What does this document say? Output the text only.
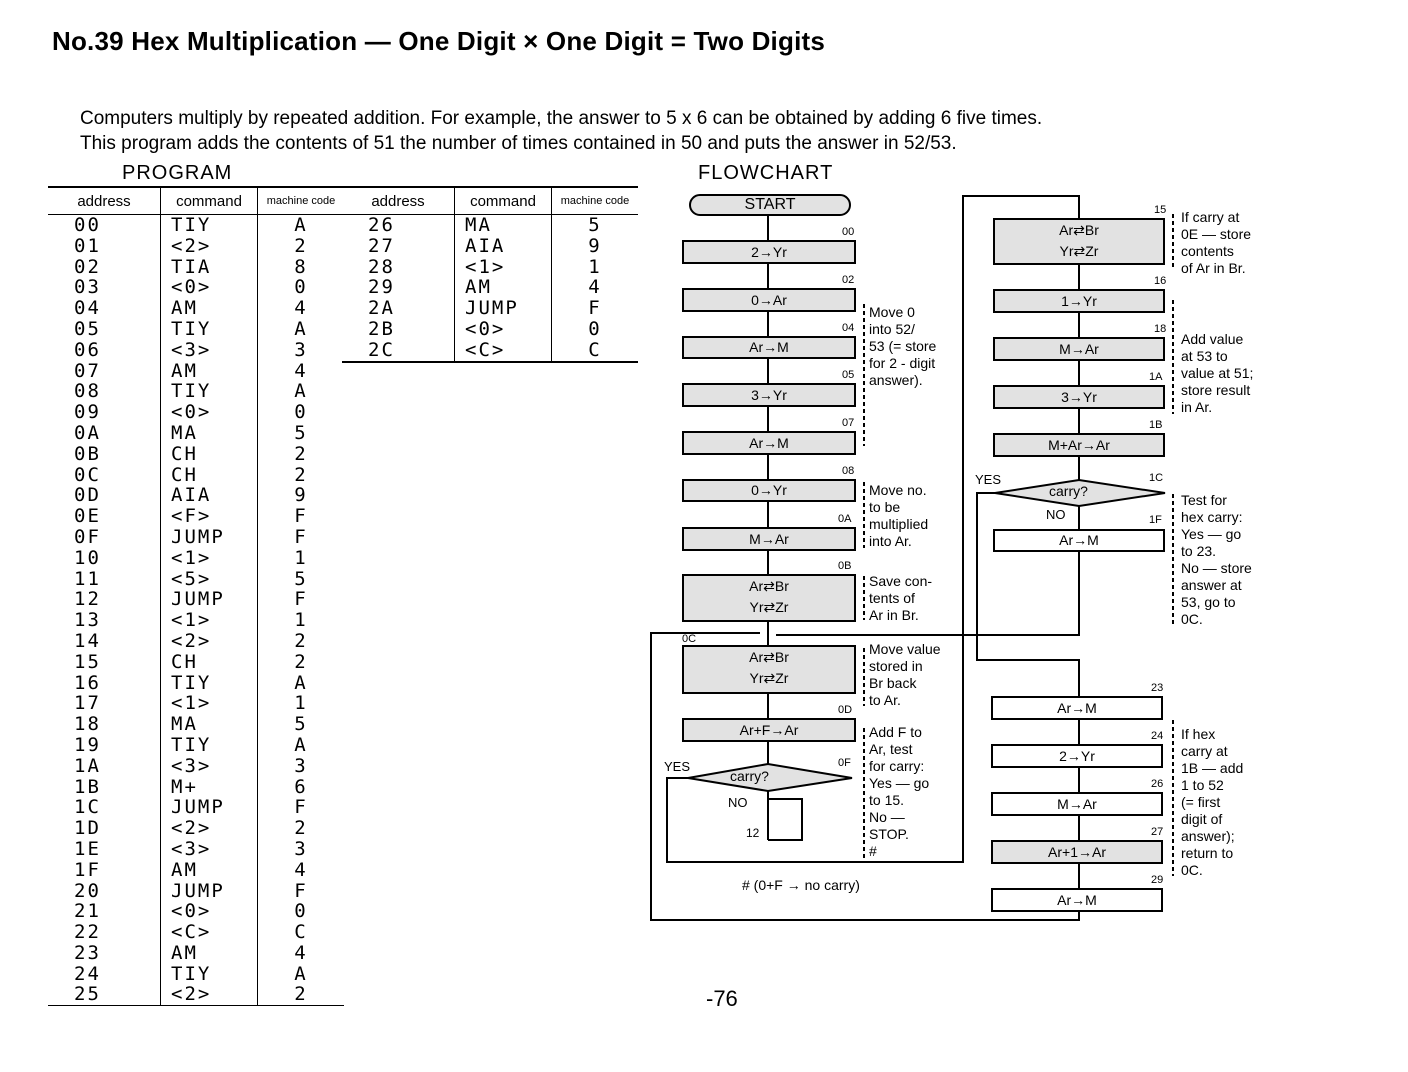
No.39 Hex Multiplication — One Digit × One Digit = Two Digits
Computers multiply by repeated addition. For example, the answer to 5 x 6 can be obtained by adding 6 five times.
This program adds the contents of 51 the number of times contained in 50 and puts the answer in 52/53.
PROGRAM	FLOWCHART
address	command	machine code
00	TIY	A
01	<2>	2
02	TIA	8
03	<0>	0
04	AM	4
05	TIY	A
06	<3>	3
07	AM	4
08	TIY	A
09	<0>	0
0A	MA	5
0B	CH	2
0C	CH	2
0D	AIA	9
0E	<F>	F
0F	JUMP	F
10	<1>	1
11	<5>	5
12	JUMP	F
13	<1>	1
14	<2>	2
15	CH	2
16	TIY	A
17	<1>	1
18	MA	5
19	TIY	A
1A	<3>	3
1B	M+	6
1C	JUMP	F
1D	<2>	2
1E	<3>	3
1F	AM	4
20	JUMP	F
21	<0>	0
22	<C>	C
23	AM	4
24	TIY	A
25	<2>	2
address	command	machine code
26	MA	5
27	AIA	9
28	<1>	1
29	AM	4
2A	JUMP	F
2B	<0>	0
2C	<C>	C
START
2→Yr
0→Ar
Ar→M
3→Yr
Ar→M
0→Yr
M→Ar
Ar⇄Br
Yr⇄Zr
Ar⇄Br
Yr⇄Zr
Ar+F→Ar
carry?
Ar⇄Br
Yr⇄Zr
1→Yr
M→Ar
3→Yr
M+Ar→Ar
carry?
Ar→M
Ar→M
2→Yr
M→Ar
Ar+1→Ar
Ar→M
00
02
04
05
07
08
0A
0B
0C
0D
0F
12
15
16
18
1A
1B
1C
1F
23
24
26
27
29
YES
NO
YES
NO
Move 0
into 52/
53 (= store
for 2 - digit
answer).
Move no.
to be
multiplied
into Ar.
Save con-
tents of
Ar in Br.
Move value
stored in
Br back
to Ar.
Add F to
Ar, test
for carry:
Yes — go
to 15.
No —
STOP.
#
If carry at
0E — store
contents
of Ar in Br.
Add value
at 53 to
value at 51;
store result
in Ar.
Test for
hex carry:
Yes — go
to 23.
No — store
answer at
53, go to
0C.
If hex
carry at
1B — add
1 to 52
(= first
digit of
answer);
return to
0C.
# (0+F → no carry)
-76
